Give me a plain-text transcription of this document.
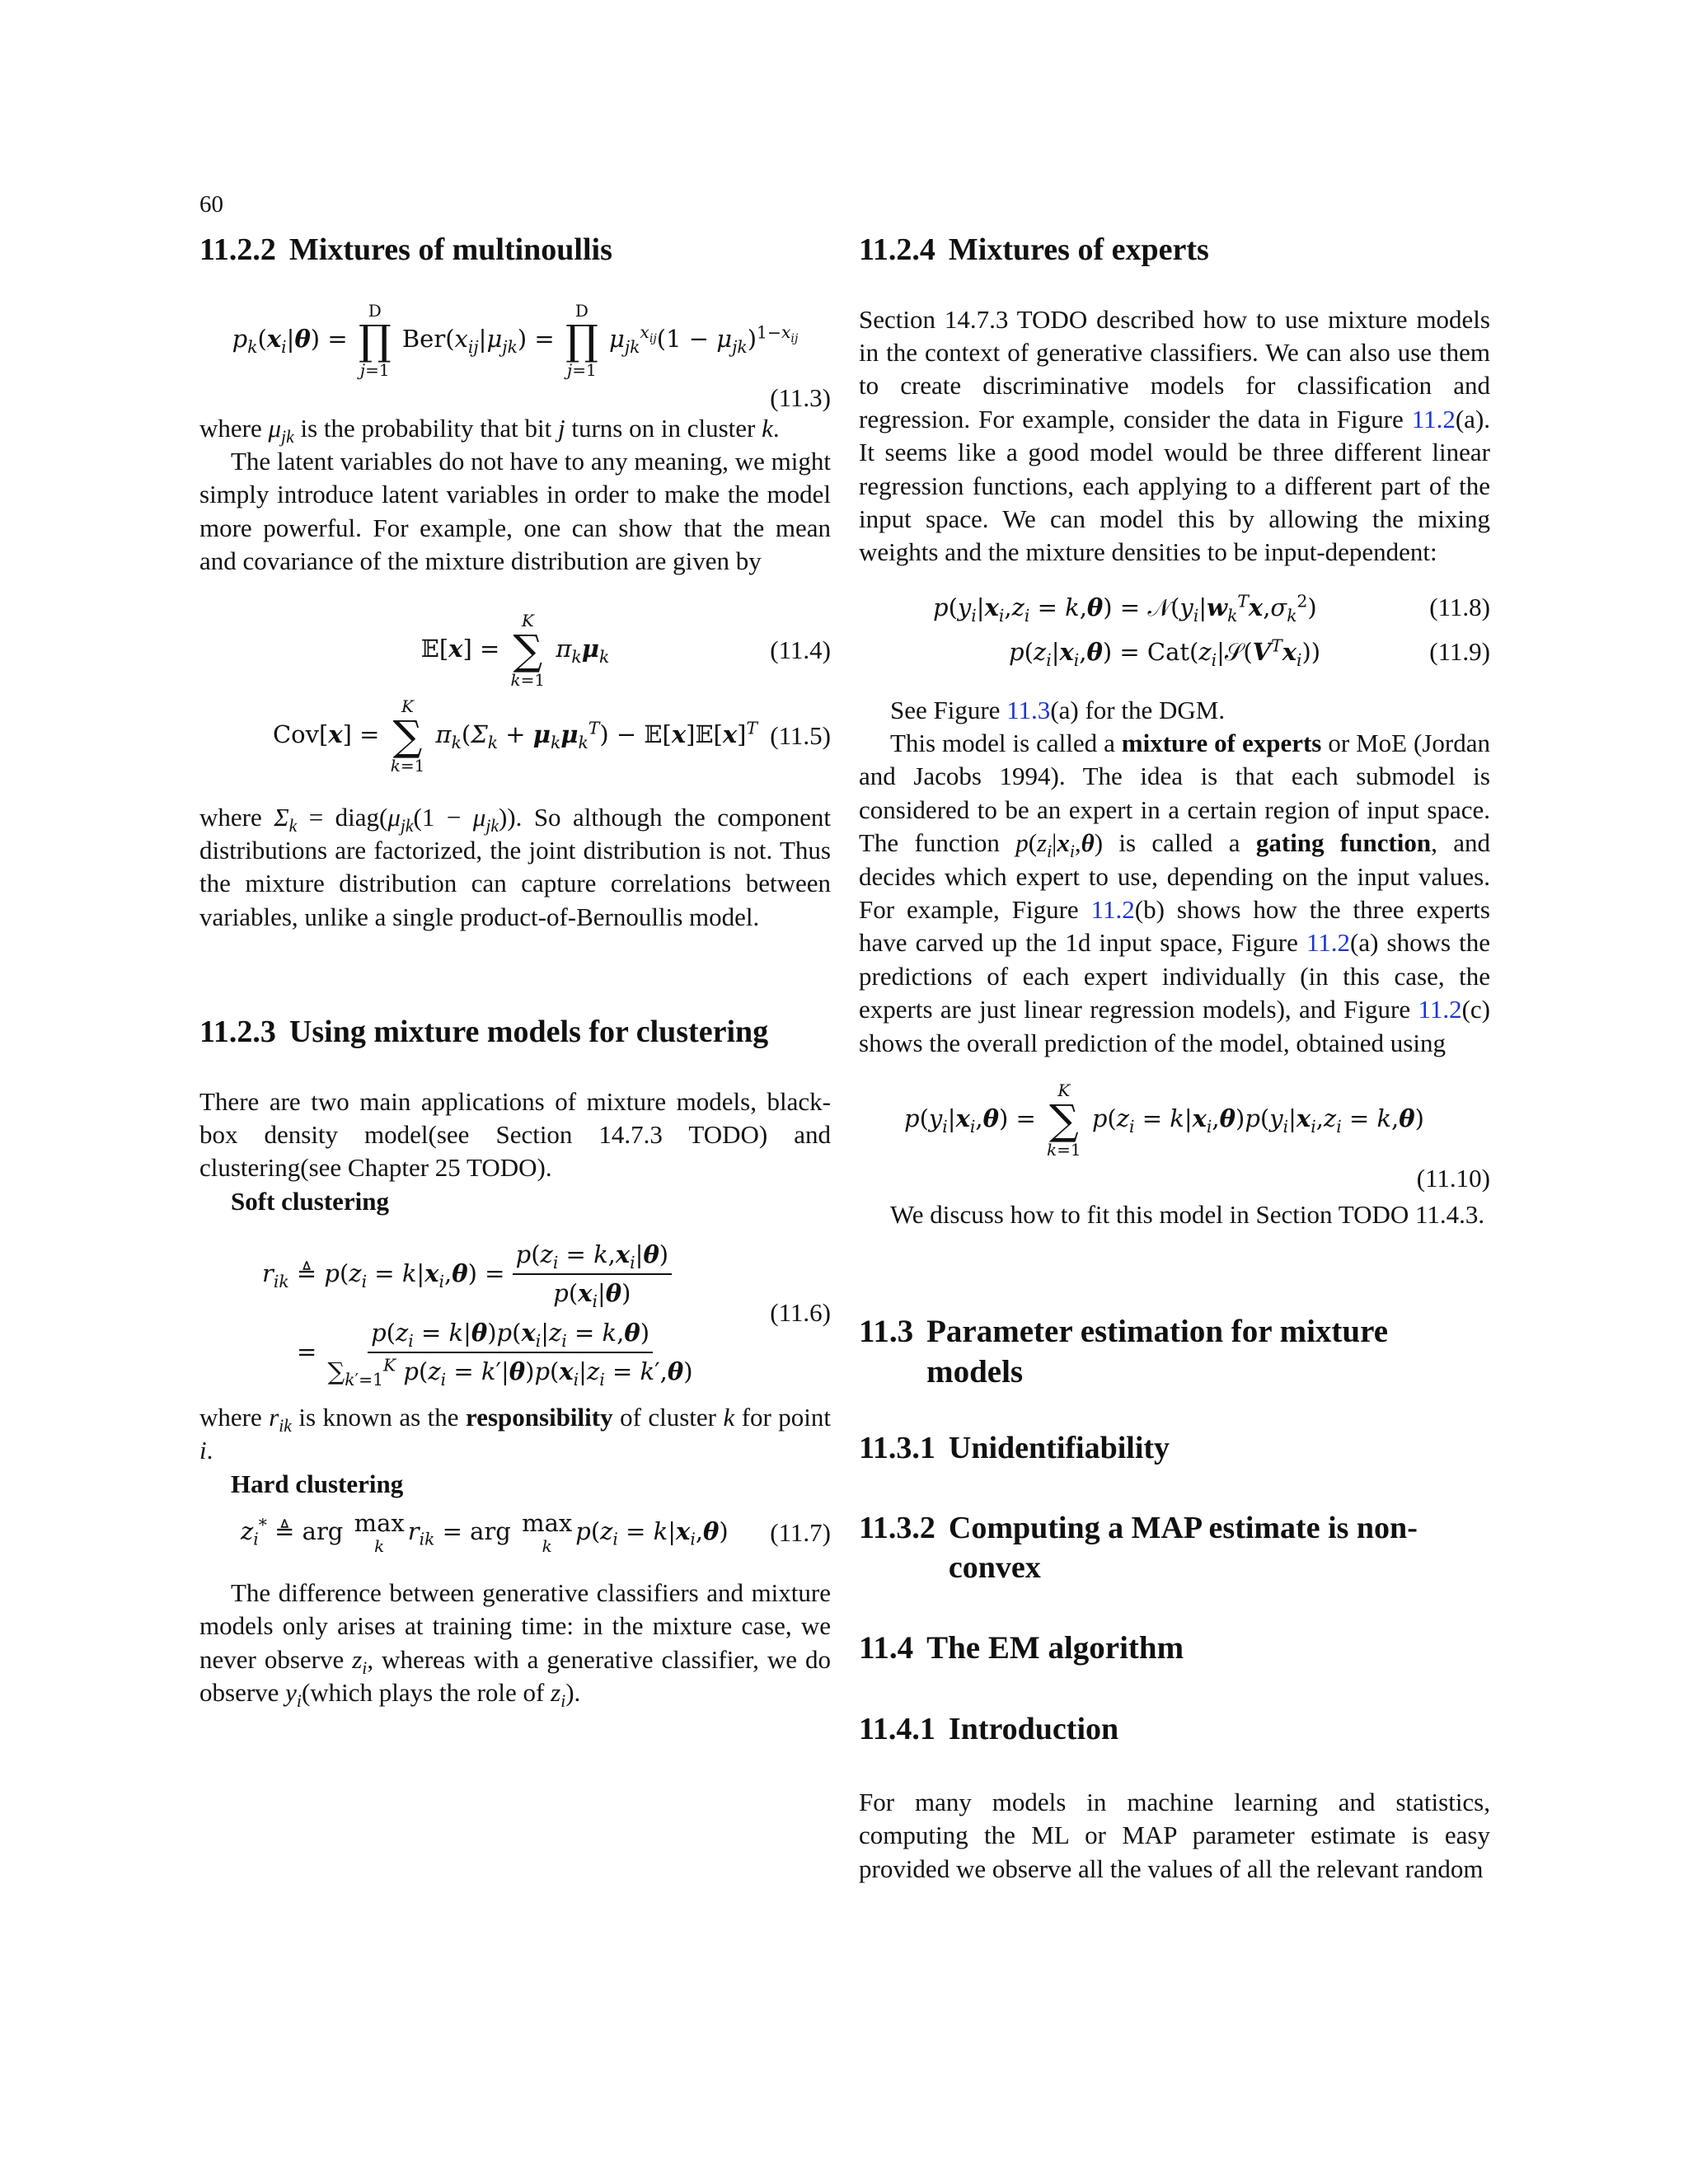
60
11.2.2 Mixtures of multinoullis
$p_k(x_i|\theta)$ =
D
∏
j=1
$Ber(x_{ij}|\mu_{jk})$ =
D
∏
j=1
$\mu_{jk}^{x_{ij}}(1 - \mu_{jk})^{1-x_{ij}}$
(11.3)

where $\mu_{jk}$ is the probability that bit j turns on in cluster k.

The latent variables do not have to any meaning, we might simply introduce latent variables in order to make the model more powerful. For example, one can show that the mean and covariance of the mixture distribution are given by

𝔼[x] =
K
∑
k=1
$\pi_k\mu_k$	(11.4)
Cov[x] =
K
∑
k=1
$\pi_k(\Sigma_k + \mu_k\mu_k^T)$ − $𝔼[x]𝔼[x]^T$ (11.5)

where $\Sigma_k$ = $diag(\mu_{jk}(1 - \mu_{jk}))$. So although the component distributions are factorized, the joint distribution is not. Thus the mixture distribution can capture correlations between variables, unlike a single product-of-Bernoullis model.

11.2.3 Using mixture models for clustering

There are two main applications of mixture models, black-box density model(see Section 14.7.3 TODO) and clustering(see Chapter 25 TODO).

Soft clustering
$r_{ik}$ ≜ $p(z_i = k|x_i,\theta) = \frac{p(z_i = k,x_i|\theta)}{p(x_i|\theta)}$
= $\frac{p(z_i = k|\theta)p(x_i|z_i = k,\theta)}{\sum_{k'=1}^K p(z_i = k'|\theta)p(x_i|z_i = k',\theta)}$
(11.6)

where $r_{ik}$ is known as the responsibility of cluster k for point i.

Hard clustering
$z_i^*$ ≜ arg max
k
$r_{ik}$ = arg max
k
$p(z_i = k|x_i,\theta)$ (11.7)

The difference between generative classifiers and mixture models only arises at training time: in the mixture case, we never observe $z_i$, whereas with a generative classifier, we do observe $y_i(which$ plays the role of $z_i$).

11.2.4 Mixtures of experts

Section 14.7.3 TODO described how to use mixture models in the context of generative classifiers. We can also use them to create discriminative models for classification and regression. For example, consider the data in Figure 11.2(a). It seems like a good model would be three different linear regression functions, each applying to a different part of the input space. We can model this by allowing the mixing weights and the mixture densities to be input-dependent:

$p(y_i|x_i,z_i = k,\theta)$ = $𝒩(y_i|w_k^Tx,\sigma_k^2)$	(11.8)
$p(z_i|x_i,\theta)$ = $Cat(z_i|𝒮(V^Tx_i))$	(11.9)

See Figure 11.3(a) for the DGM.

This model is called a mixture of experts or MoE (Jordan and Jacobs 1994). The idea is that each submodel is considered to be an expert in a certain region of input space. The function $p(z_i|x_i,\theta)$ is called a gating function, and decides which expert to use, depending on the input values. For example, Figure 11.2(b) shows how the three experts have carved up the 1d input space, Figure 11.2(a) shows the predictions of each expert individually (in this case, the experts are just linear regression models), and Figure 11.2(c) shows the overall prediction of the model, obtained using

$p(y_i|x_i,\theta)$ =
K
∑
k=1
$p(z_i = k|x_i,\theta)p(y_i|x_i,z_i = k,\theta)$
(11.10)

We discuss how to fit this model in Section TODO 11.4.3.

11.3 Parameter estimation for mixture models
11.3.1 Unidentifiability
11.3.2 Computing a MAP estimate is non-convex
11.4 The EM algorithm
11.4.1 Introduction

For many models in machine learning and statistics, computing the ML or MAP parameter estimate is easy provided we observe all the values of all the relevant random
